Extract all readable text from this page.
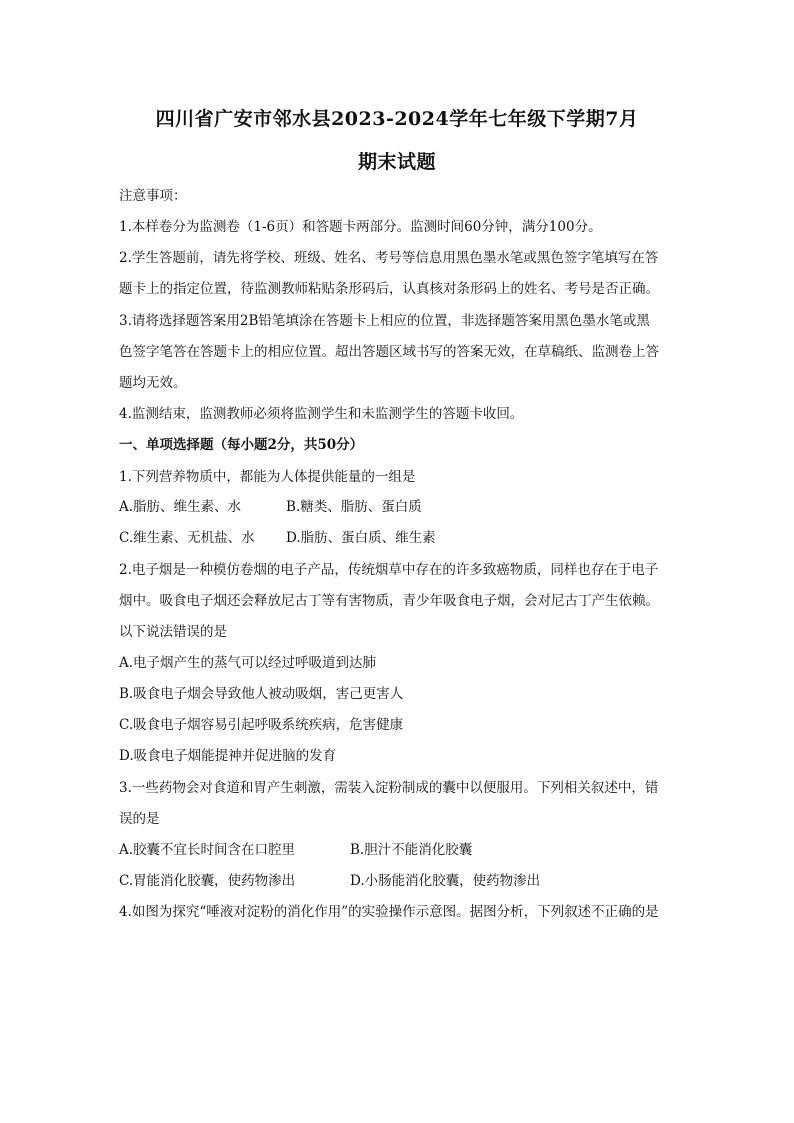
四川省广安市邻水县2023-2024学年七年级下学期7月
期末试题
注意事项：
1.本样卷分为监测卷（1-6页）和答题卡两部分。监测时间60分钟，满分100分。
2.学生答题前，请先将学校、班级、姓名、考号等信息用黑色墨水笔或黑色签字笔填写在答
题卡上的指定位置，待监测教师粘贴条形码后，认真核对条形码上的姓名、考号是否正确。
3.请将选择题答案用2B铅笔填涂在答题卡上相应的位置，非选择题答案用黑色墨水笔或黑
色签字笔答在答题卡上的相应位置。超出答题区域书写的答案无效，在草稿纸、监测卷上答
题均无效。
4.监测结束，监测教师必须将监测学生和未监测学生的答题卡收回。
一、单项选择题（每小题2分，共50分）
1.下列营养物质中，都能为人体提供能量的一组是
A.脂肪、维生素、水	B.糖类、脂肪、蛋白质
C.维生素、无机盐、水 D.脂肪、蛋白质、维生素
2.电子烟是一种模仿卷烟的电子产品，传统烟草中存在的许多致癌物质，同样也存在于电子
烟中。吸食电子烟还会释放尼古丁等有害物质，青少年吸食电子烟，会对尼古丁产生依赖。
以下说法错误的是
A.电子烟产生的蒸气可以经过呼吸道到达肺
B.吸食电子烟会导致他人被动吸烟，害己更害人
C.吸食电子烟容易引起呼吸系统疾病，危害健康
D.吸食电子烟能提神并促进脑的发育
3.一些药物会对食道和胃产生刺激，需装入淀粉制成的囊中以便服用。下列相关叙述中，错
误的是
A.胶囊不宜长时间含在口腔里	B.胆汁不能消化胶囊
C.胃能消化胶囊，使药物渗出	D.小肠能消化胶囊，使药物渗出
4.如图为探究“唾液对淀粉的消化作用”的实验操作示意图。据图分析，下列叙述不正确的是
